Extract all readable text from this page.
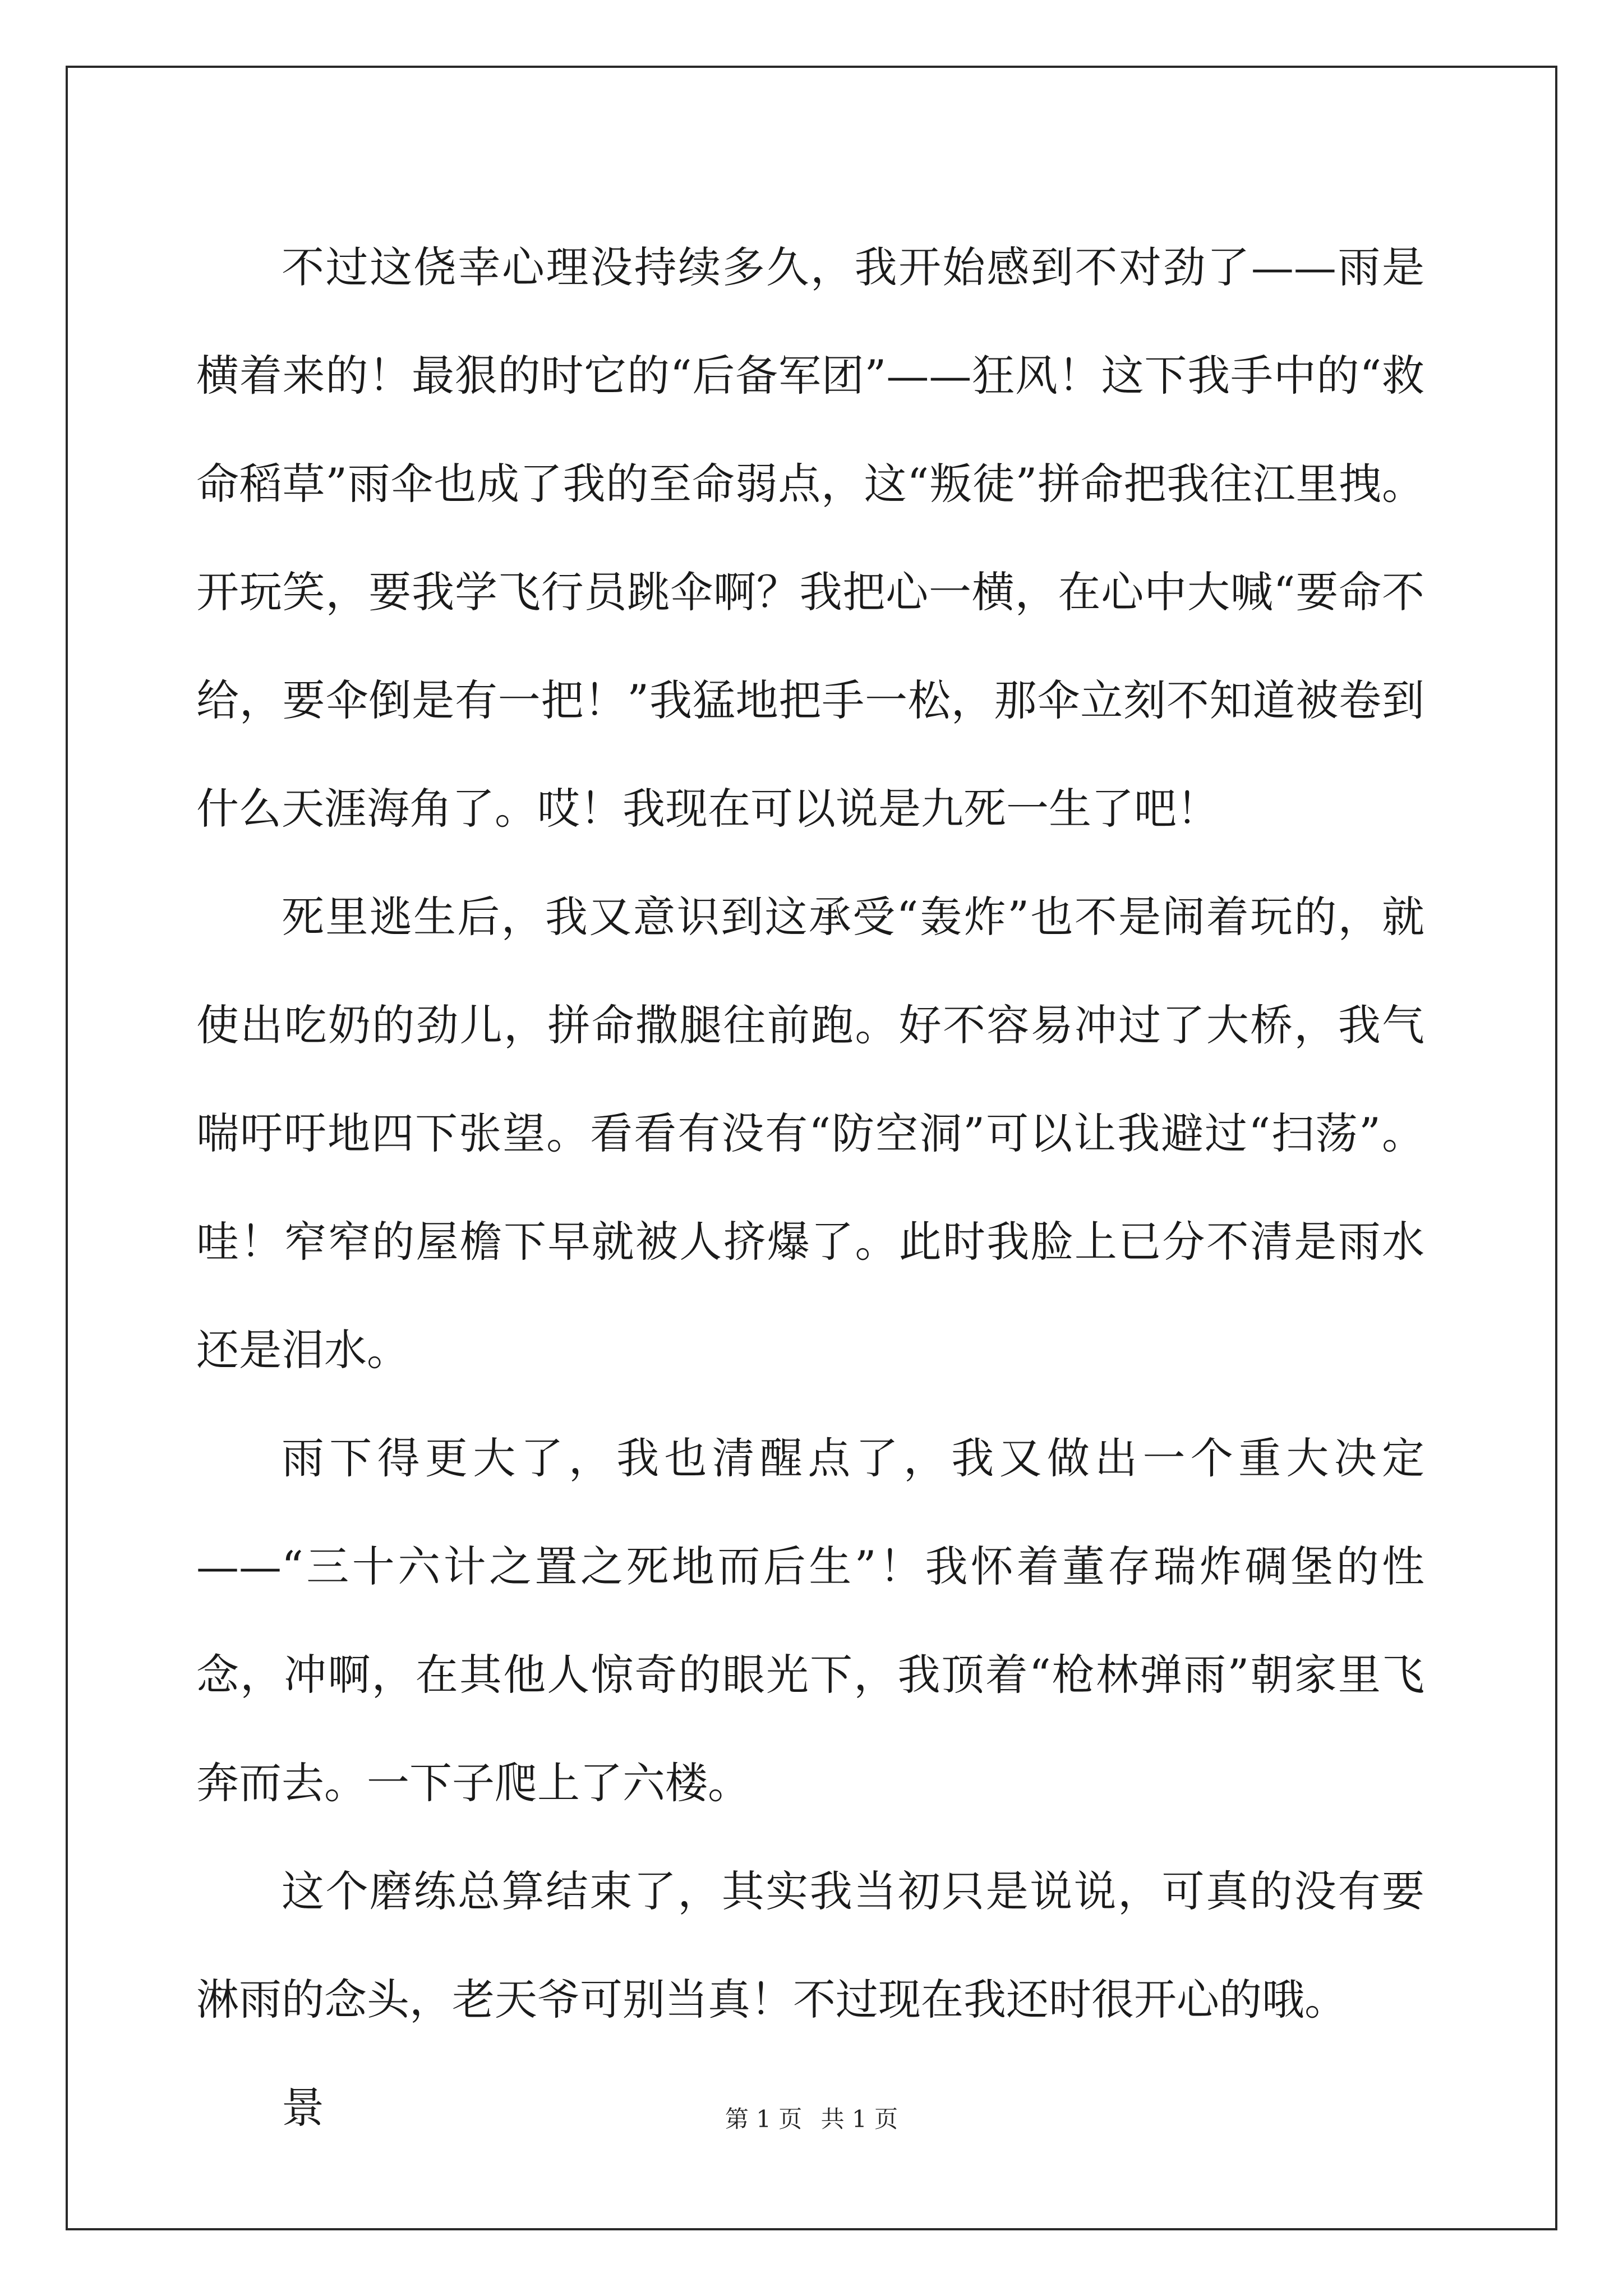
不过这侥幸心理没持续多久，我开始感到不对劲了——雨是横着来的！最狠的时它的“后备军团”——狂风！这下我手中的“救命稻草”雨伞也成了我的至命弱点，这“叛徒”拼命把我往江里拽。开玩笑，要我学飞行员跳伞啊？我把心一横，在心中大喊“要命不给，要伞倒是有一把！”我猛地把手一松，那伞立刻不知道被卷到什么天涯海角了。哎！我现在可以说是九死一生了吧！

死里逃生后，我又意识到这承受“轰炸”也不是闹着玩的，就使出吃奶的劲儿，拼命撒腿往前跑。好不容易冲过了大桥，我气喘吁吁地四下张望。看看有没有“防空洞”可以让我避过“扫荡”。哇！窄窄的屋檐下早就被人挤爆了。此时我脸上已分不清是雨水还是泪水。

雨下得更大了，我也清醒点了，我又做出一个重大决定——“三十六计之置之死地而后生”！我怀着董存瑞炸碉堡的性念，冲啊，在其他人惊奇的眼光下，我顶着“枪林弹雨”朝家里飞奔而去。一下子爬上了六楼。

这个磨练总算结束了，其实我当初只是说说，可真的没有要淋雨的念头，老天爷可别当真！不过现在我还时很开心的哦。

景	第 1 页 共 1 页
